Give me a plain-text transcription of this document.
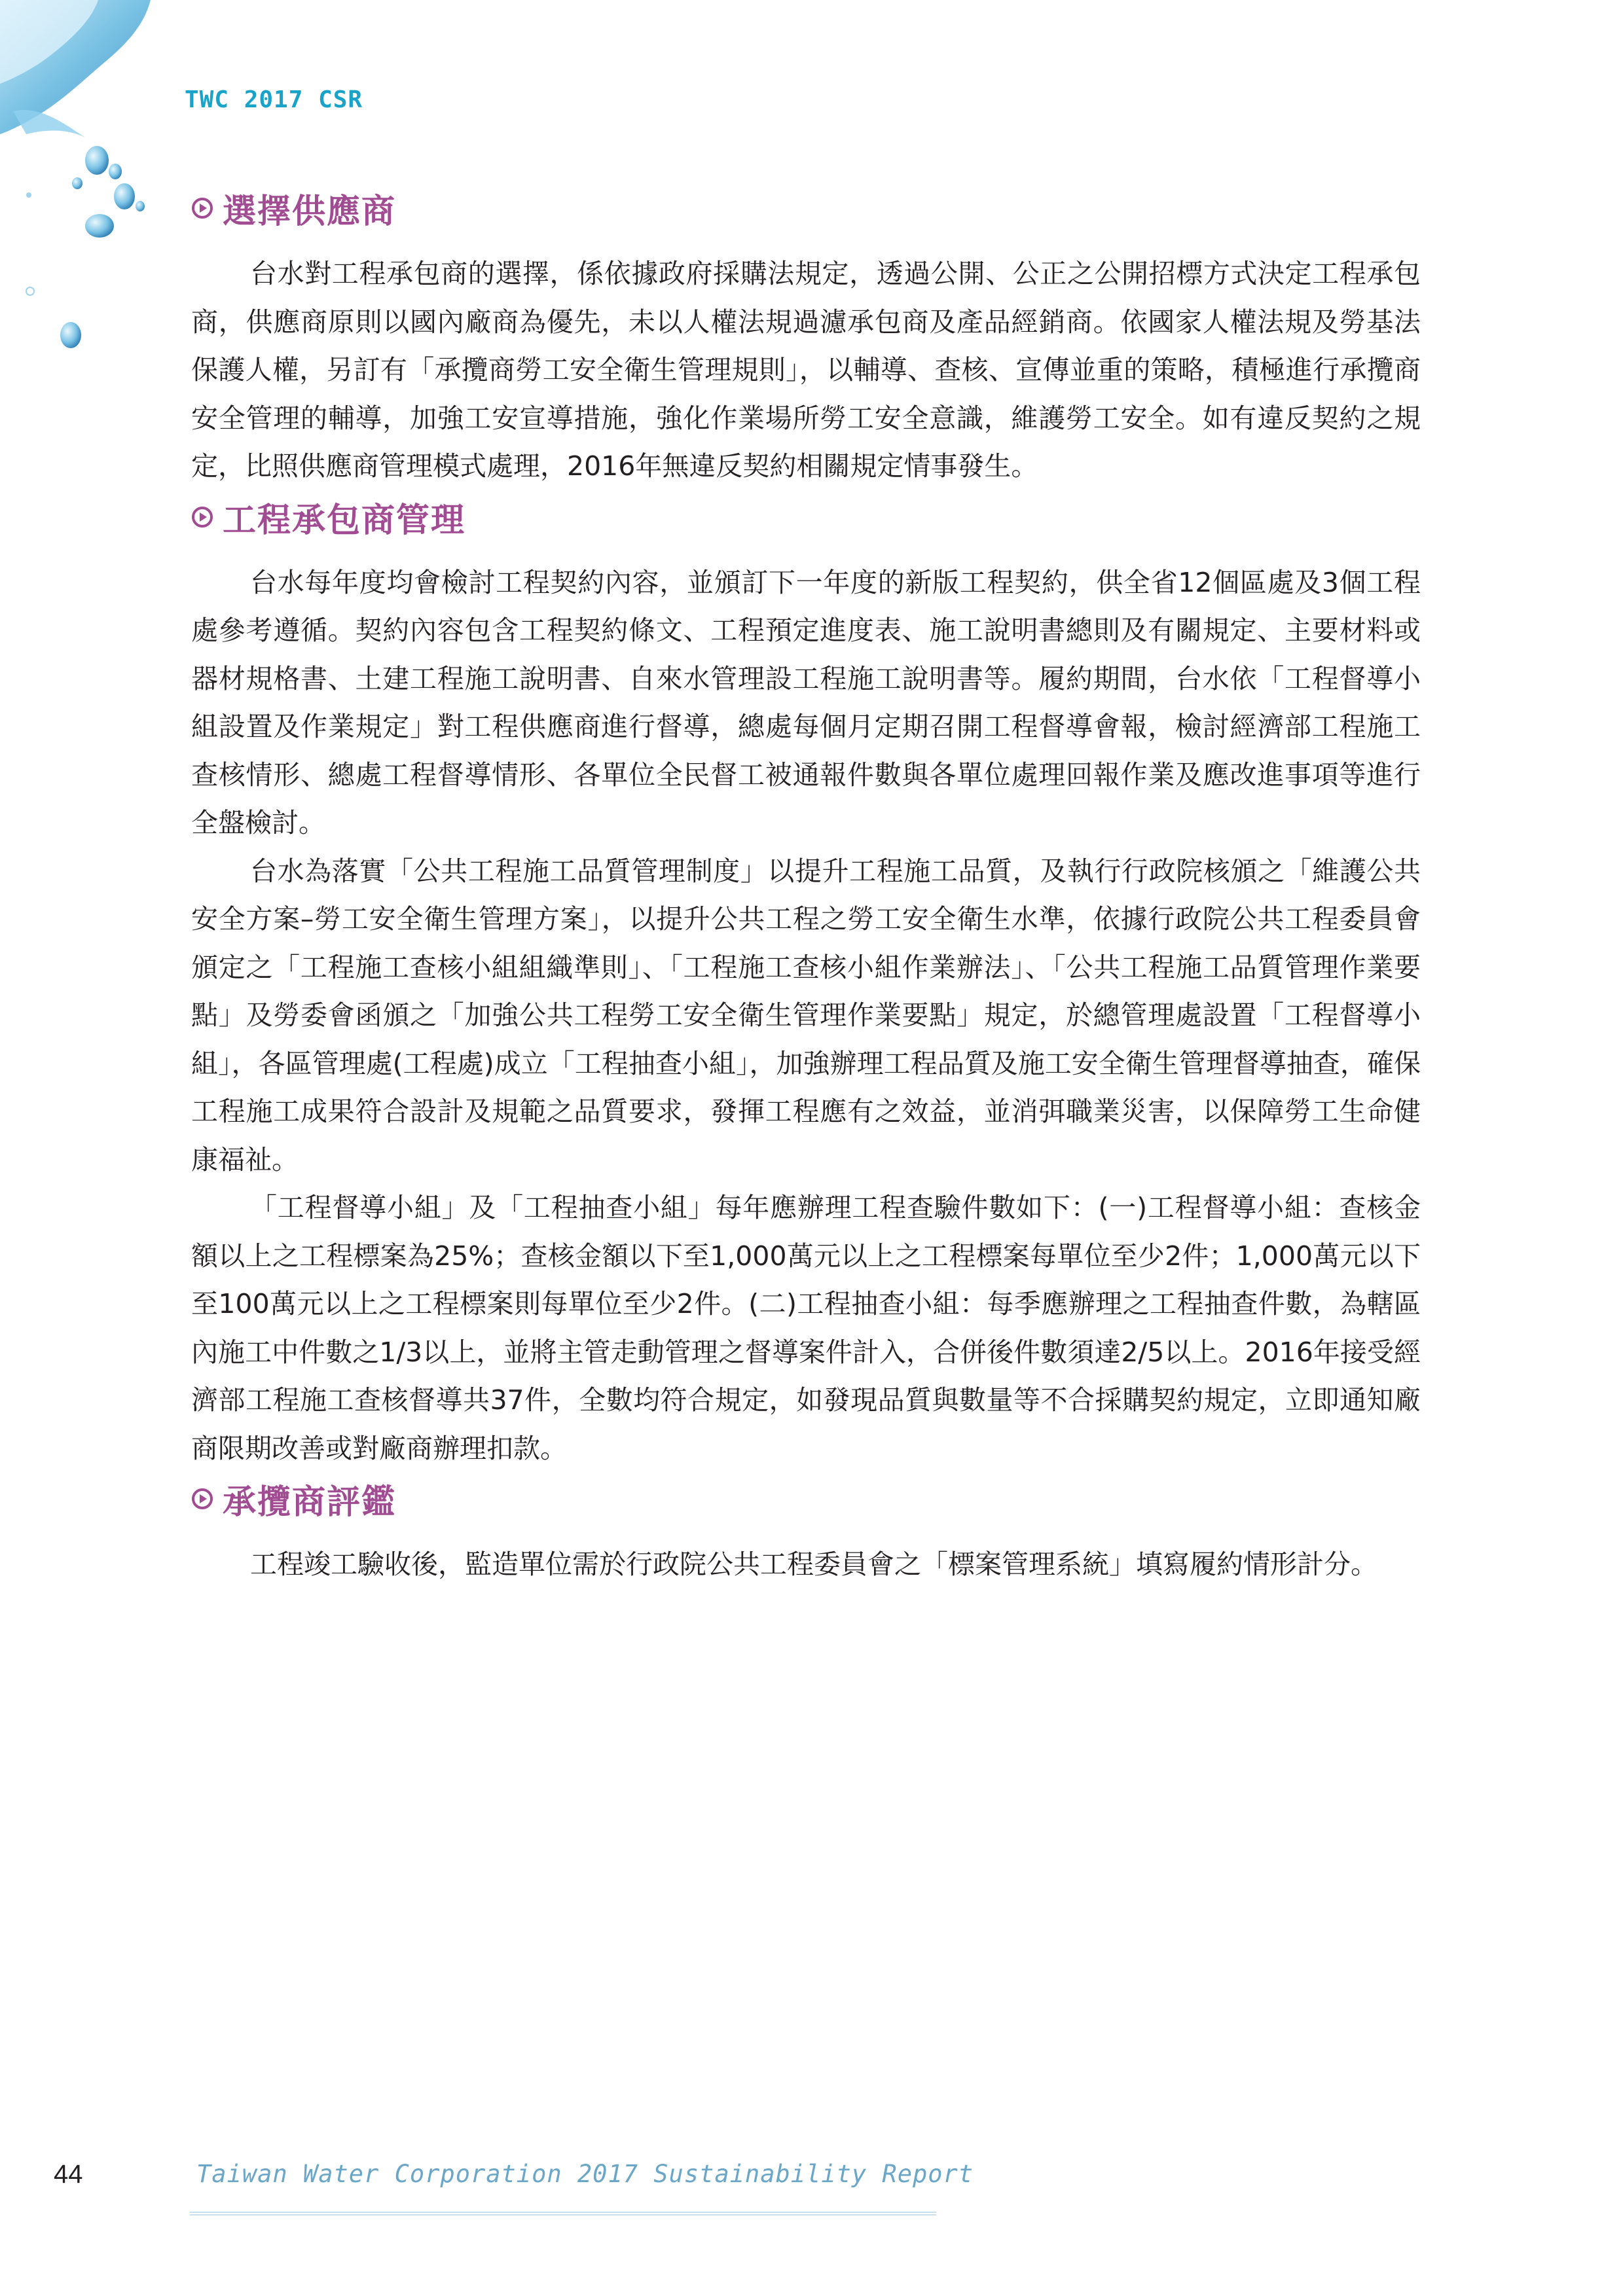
TWC 2017 CSR
選擇供應商

台水對工程承包商的選擇，係依據政府採購法規定，透過公開、公正之公開招標方式決定工程承包商，供應商原則以國內廠商為優先，未以人權法規過濾承包商及產品經銷商。依國家人權法規及勞基法保護人權，另訂有「承攬商勞工安全衛生管理規則」，以輔導、查核、宣傳並重的策略，積極進行承攬商安全管理的輔導，加強工安宣導措施，強化作業場所勞工安全意識，維護勞工安全。如有違反契約之規定，比照供應商管理模式處理，2016年無違反契約相關規定情事發生。

工程承包商管理

台水每年度均會檢討工程契約內容，並頒訂下一年度的新版工程契約，供全省12個區處及3個工程處參考遵循。契約內容包含工程契約條文、工程預定進度表、施工說明書總則及有關規定、主要材料或器材規格書、土建工程施工說明書、自來水管理設工程施工說明書等。履約期間，台水依「工程督導小組設置及作業規定」對工程供應商進行督導，總處每個月定期召開工程督導會報，檢討經濟部工程施工查核情形、總處工程督導情形、各單位全民督工被通報件數與各單位處理回報作業及應改進事項等進行全盤檢討。

台水為落實「公共工程施工品質管理制度」以提升工程施工品質，及執行行政院核頒之「維護公共安全方案–勞工安全衛生管理方案」，以提升公共工程之勞工安全衛生水準，依據行政院公共工程委員會頒定之「工程施工查核小組組織準則」、「工程施工查核小組作業辦法」、「公共工程施工品質管理作業要點」及勞委會函頒之「加強公共工程勞工安全衛生管理作業要點」規定，於總管理處設置「工程督導小組」，各區管理處(工程處)成立「工程抽查小組」，加強辦理工程品質及施工安全衛生管理督導抽查，確保工程施工成果符合設計及規範之品質要求，發揮工程應有之效益，並消弭職業災害，以保障勞工生命健康福祉。

「工程督導小組」及「工程抽查小組」每年應辦理工程查驗件數如下：(一)工程督導小組：查核金額以上之工程標案為25%；查核金額以下至1,000萬元以上之工程標案每單位至少2件；1,000萬元以下至100萬元以上之工程標案則每單位至少2件。(二)工程抽查小組：每季應辦理之工程抽查件數，為轄區內施工中件數之1/3以上，並將主管走動管理之督導案件計入，合併後件數須達2/5以上。2016年接受經濟部工程施工查核督導共37件，全數均符合規定，如發現品質與數量等不合採購契約規定，立即通知廠商限期改善或對廠商辦理扣款。

承攬商評鑑

工程竣工驗收後，監造單位需於行政院公共工程委員會之「標案管理系統」填寫履約情形計分。

44	Taiwan Water Corporation 2017 Sustainability Report
